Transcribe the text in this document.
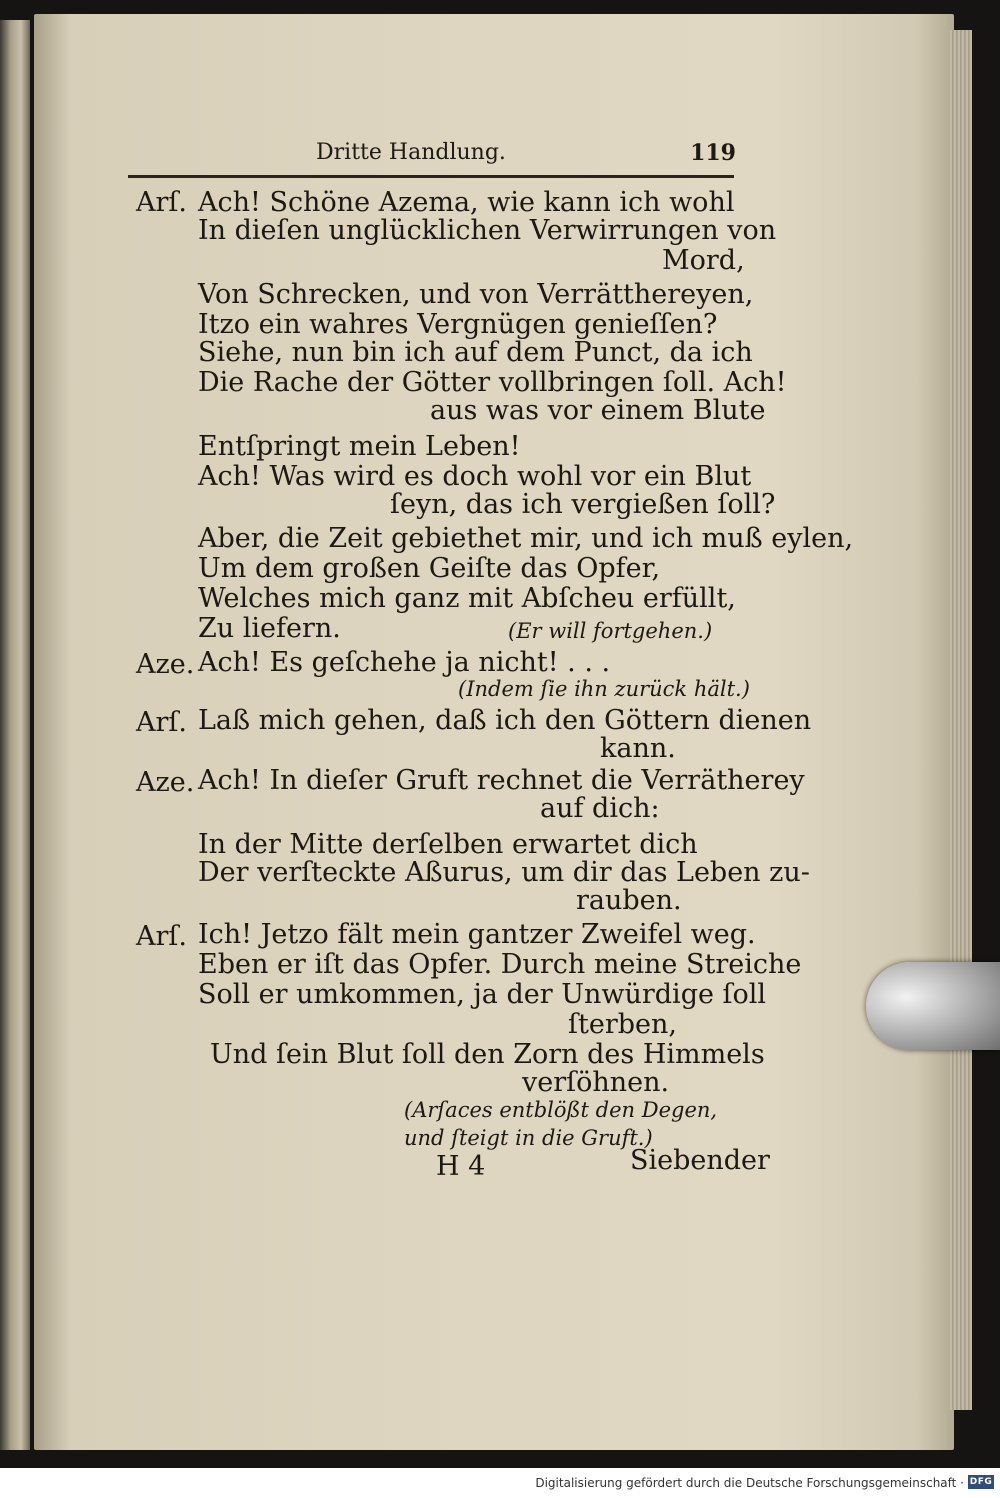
Dritte Handlung.	119
Arſ. Ach! Schöne Azema, wie kann ich wohl
In dieſen unglücklichen Verwirrungen von
Mord,
Von Schrecken, und von Verrätthereyen,
Itzo ein wahres Vergnügen genieſſen?
Siehe, nun bin ich auf dem Punct, da ich
Die Rache der Götter vollbringen ſoll. Ach!
aus was vor einem Blute
Entſpringt mein Leben!
Ach! Was wird es doch wohl vor ein Blut
ſeyn, das ich vergießen ſoll?
Aber, die Zeit gebiethet mir, und ich muß eylen,
Um dem großen Geiſte das Opfer,
Welches mich ganz mit Abſcheu erfüllt,
Zu liefern.	(Er will fortgehen.)
Aze. Ach! Es geſchehe ja nicht! . . .
(Indem ſie ihn zurück hält.)
Arſ. Laß mich gehen, daß ich den Göttern dienen
kann.
Aze. Ach! In dieſer Gruft rechnet die Verrätherey
auf dich:
In der Mitte derſelben erwartet dich
Der verſteckte Aßurus, um dir das Leben zu-
rauben.
Arſ. Ich! Jetzo fält mein gantzer Zweifel weg.
Eben er iſt das Opfer. Durch meine Streiche
Soll er umkommen, ja der Unwürdige ſoll
ſterben,
Und ſein Blut ſoll den Zorn des Himmels
verſöhnen.
(Arſaces entblößt den Degen, und ſteigt in die Gruft.)
H 4	Siebender
Digitalisierung gefördert durch die Deutsche Forschungsgemeinschaft · DFG
